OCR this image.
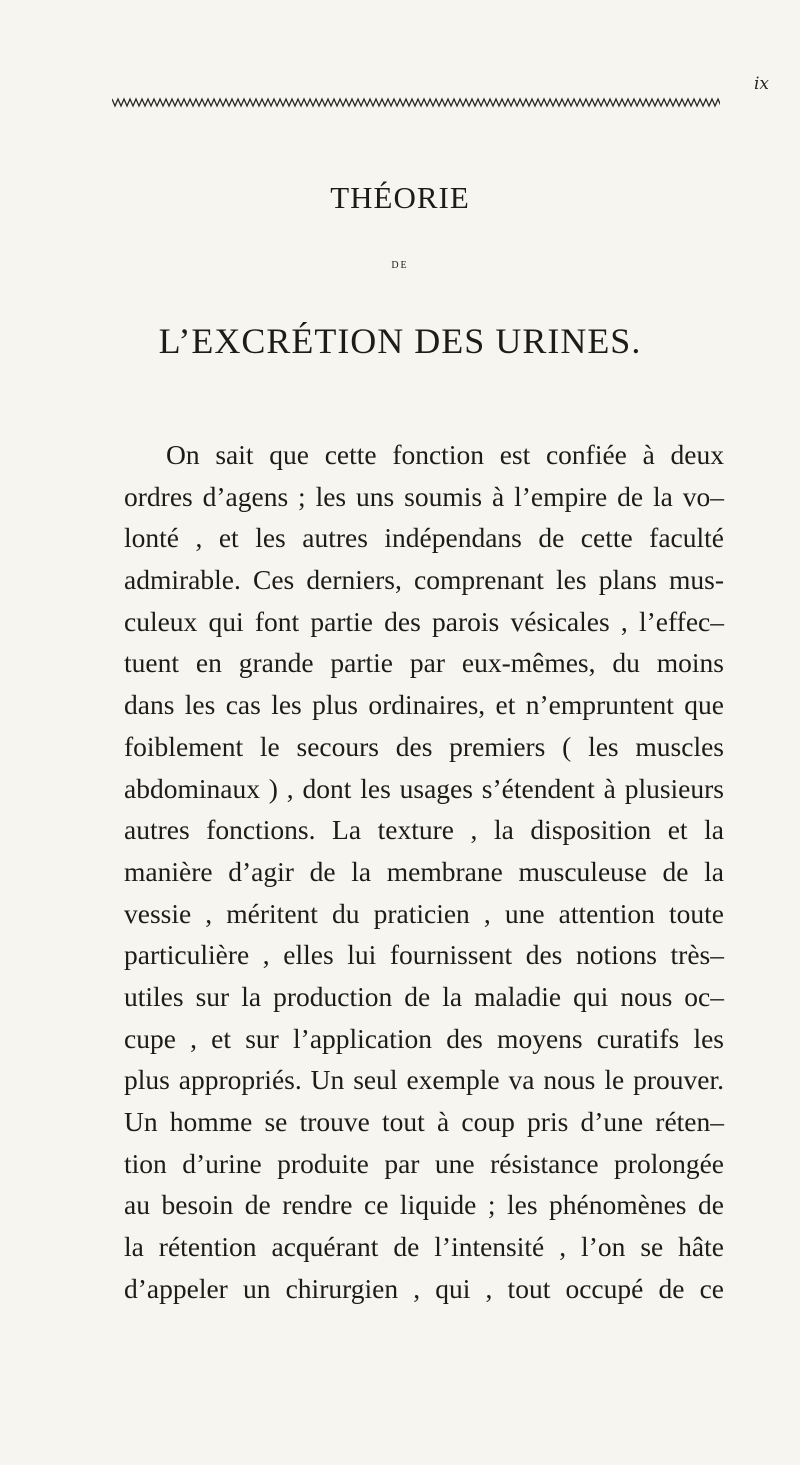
ix
THÉORIE
DE
L’EXCRÉTION DES URINES.
On sait que cette fonction est confiée à deux
ordres d’agens ; les uns soumis à l’empire de la vo–
lonté , et les autres indépendans de cette faculté
admirable. Ces derniers, comprenant les plans mus-
culeux qui font partie des parois vésicales , l’effec–
tuent en grande partie par eux-mêmes, du moins
dans les cas les plus ordinaires, et n’empruntent que
foiblement le secours des premiers ( les muscles
abdominaux ) , dont les usages s’étendent à plusieurs
autres fonctions. La texture , la disposition et la
manière d’agir de la membrane musculeuse de la
vessie , méritent du praticien , une attention toute
particulière , elles lui fournissent des notions très–
utiles sur la production de la maladie qui nous oc–
cupe , et sur l’application des moyens curatifs les
plus appropriés. Un seul exemple va nous le prouver.
Un homme se trouve tout à coup pris d’une réten–
tion d’urine produite par une résistance prolongée
au besoin de rendre ce liquide ; les phénomènes de
la rétention acquérant de l’intensité , l’on se hâte
d’appeler un chirurgien , qui , tout occupé de ce
